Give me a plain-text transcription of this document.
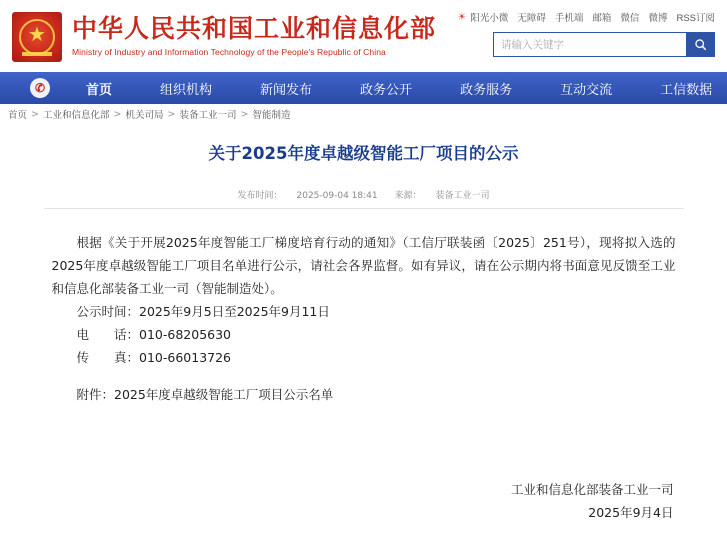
★ 中华人民共和国工业和信息化部
Ministry of Industry and Information Technology of the People's Republic of China
☀ 阳光小微 无障碍 手机端 邮箱 微信 微博 RSS订阅
请输入关键字
✆	首页	组织机构	新闻发布	政务公开	政务服务	互动交流	工信数据
首页 > 工业和信息化部 > 机关司局 > 装备工业一司 > 智能制造
关于2025年度卓越级智能工厂项目的公示
发布时间： 2025-09-04 18:41 来源： 装备工业一司

根据《关于开展2025年度智能工厂梯度培育行动的通知》（工信厅联装函〔2025〕251号），现将拟入选的2025年度卓越级智能工厂项目名单进行公示，请社会各界监督。如有异议，请在公示期内将书面意见反馈至工业和信息化部装备工业一司（智能制造处）。

公示时间：2025年9月5日至2025年9月11日

电　　话：010-68205630

传　　真：010-66013726

附件：2025年度卓越级智能工厂项目公示名单

工业和信息化部装备工业一司
2025年9月4日
